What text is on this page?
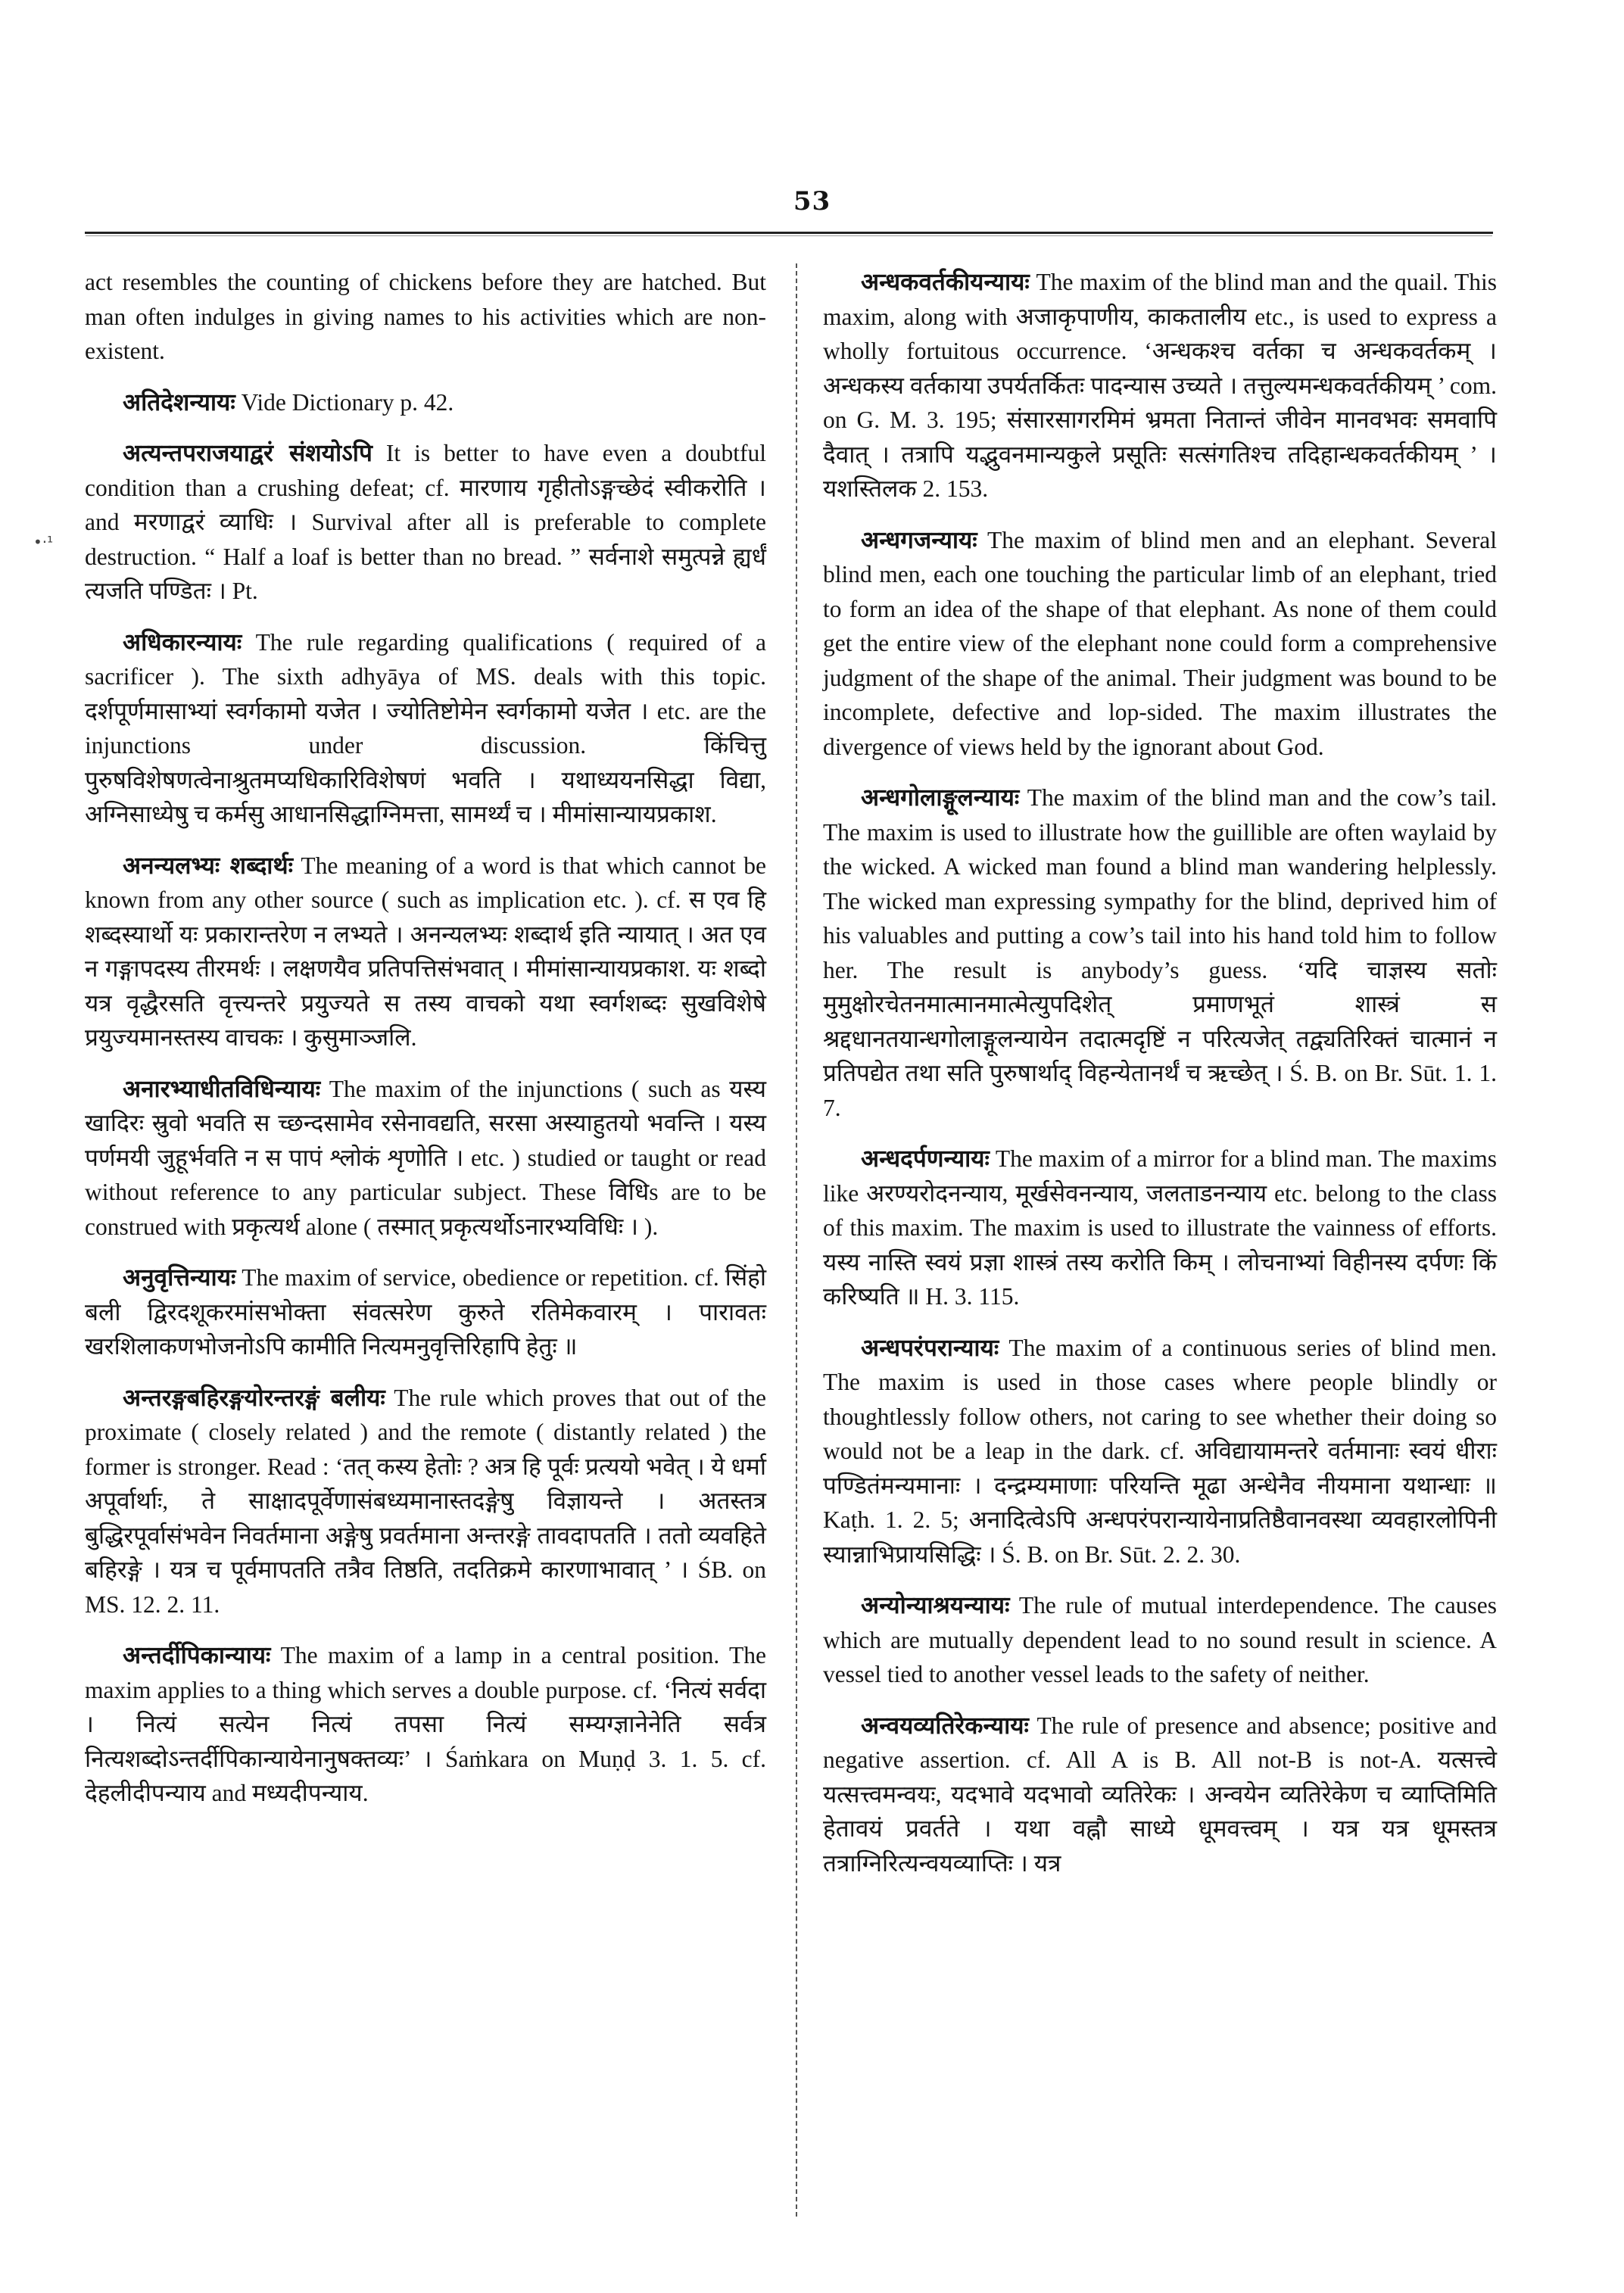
53
•·¹

act resembles the counting of chickens before they are hatched. But man often indulges in giving names to his activities which are non-existent.

अतिदेशन्यायः Vide Dictionary p. 42.

अत्यन्तपराजयाद्वरं संशयोऽपि It is better to have even a doubtful condition than a crushing defeat; cf. मारणाय गृहीतोऽङ्गच्छेदं स्वीकरोति । and मरणाद्वरं व्याधिः । Survival after all is preferable to complete destruction. “ Half a loaf is better than no bread. ” सर्वनाशे समुत्पन्ने ह्यर्धं त्यजति पण्डितः । Pt.

अधिकारन्यायः The rule regarding qualifications ( required of a sacrificer ). The sixth adhyāya of MS. deals with this topic. दर्शपूर्णमासाभ्यां स्वर्गकामो यजेत । ज्योतिष्टोमेन स्वर्गकामो यजेत । etc. are the injunctions under discussion. किंचित्तु पुरुषविशेषणत्वेनाश्रुतमप्यधिकारिविशेषणं भवति । यथाध्ययनसिद्धा विद्या, अग्निसाध्येषु च कर्मसु आधानसिद्धाग्निमत्ता, सामर्थ्यं च । मीमांसान्यायप्रकाश.

अनन्यलभ्यः शब्दार्थः The meaning of a word is that which cannot be known from any other source ( such as implication etc. ). cf. स एव हि शब्दस्यार्थो यः प्रकारान्तरेण न लभ्यते । अनन्यलभ्यः शब्दार्थ इति न्यायात् । अत एव न गङ्गापदस्य तीरमर्थः । लक्षणयैव प्रतिपत्तिसंभवात् । मीमांसान्यायप्रकाश. यः शब्दो यत्र वृद्धैरसति वृत्त्यन्तरे प्रयुज्यते स तस्य वाचको यथा स्वर्गशब्दः सुखविशेषे प्रयुज्यमानस्तस्य वाचकः । कुसुमाञ्जलि.

अनारभ्याधीतविधिन्यायः The maxim of the injunctions ( such as यस्य खादिरः स्रुवो भवति स च्छन्दसामेव रसेनावद्यति, सरसा अस्याहुतयो भवन्ति । यस्य पर्णमयी जुहूर्भवति न स पापं श्लोकं शृणोति । etc. ) studied or taught or read without reference to any particular subject. These विधिs are to be construed with प्रकृत्यर्थ alone ( तस्मात् प्रकृत्यर्थोऽनारभ्यविधिः । ).

अनुवृत्तिन्यायः The maxim of service, obedience or repetition. cf. सिंहो बली द्विरदशूकरमांसभोक्ता संवत्सरेण कुरुते रतिमेकवारम् । पारावतः खरशिलाकणभोजनोऽपि कामीति नित्यमनुवृत्तिरिहापि हेतुः ॥

अन्तरङ्गबहिरङ्गयोरन्तरङ्गं बलीयः The rule which proves that out of the proximate ( closely related ) and the remote ( distantly related ) the former is stronger. Read : ‘तत् कस्य हेतोः ? अत्र हि पूर्वः प्रत्ययो भवेत् । ये धर्मा अपूर्वार्थाः, ते साक्षादपूर्वेणासंबध्यमानास्तदङ्गेषु विज्ञायन्ते । अतस्तत्र बुद्धिरपूर्वासंभवेन निवर्तमाना अङ्गेषु प्रवर्तमाना अन्तरङ्गे तावदापतति । ततो व्यवहिते बहिरङ्गे । यत्र च पूर्वमापतति तत्रैव तिष्ठति, तदतिक्रमे कारणाभावात् ’ । ŚB. on MS. 12. 2. 11.

अन्तर्दीपिकान्यायः The maxim of a lamp in a central position. The maxim applies to a thing which serves a double purpose. cf. ‘नित्यं सर्वदा । नित्यं सत्येन नित्यं तपसा नित्यं सम्यग्ज्ञानेनेति सर्वत्र नित्यशब्दोऽन्तर्दीपिकान्यायेनानुषक्तव्यः’ । Śaṁkara on Muṇḍ 3. 1. 5. cf. देहलीदीपन्याय and मध्यदीपन्याय.

अन्धकवर्तकीयन्यायः The maxim of the blind man and the quail. This maxim, along with अजाकृपाणीय, काकतालीय etc., is used to express a wholly fortuitous occurrence. ‘अन्धकश्च वर्तका च अन्धकवर्तकम् । अन्धकस्य वर्तकाया उपर्यतर्कितः पादन्यास उच्यते । तत्तुल्यमन्धकवर्तकीयम् ’ com. on G. M. 3. 195; संसारसागरमिमं भ्रमता नितान्तं जीवेन मानवभवः समवापि दैवात् । तत्रापि यद्भुवनमान्यकुले प्रसूतिः सत्संगतिश्च तदिहान्धकवर्तकीयम् ’ । यशस्तिलक 2. 153.

अन्धगजन्यायः The maxim of blind men and an elephant. Several blind men, each one touching the particular limb of an elephant, tried to form an idea of the shape of that elephant. As none of them could get the entire view of the elephant none could form a comprehensive judgment of the shape of the animal. Their judgment was bound to be incomplete, defective and lop-sided. The maxim illustrates the divergence of views held by the ignorant about God.

अन्धगोलाङ्गूलन्यायः The maxim of the blind man and the cow’s tail. The maxim is used to illustrate how the guillible are often waylaid by the wicked. A wicked man found a blind man wandering helplessly. The wicked man expressing sympathy for the blind, deprived him of his valuables and putting a cow’s tail into his hand told him to follow her. The result is anybody’s guess. ‘यदि चाज्ञस्य सतोः मुमुक्षोरचेतनमात्मानमात्मेत्युपदिशेत् प्रमाणभूतं शास्त्रं स श्रद्दधानतयान्धगोलाङ्गूलन्यायेन तदात्मदृष्टिं न परित्यजेत् तद्व्यतिरिक्तं चात्मानं न प्रतिपद्येत तथा सति पुरुषार्थाद् विहन्येतानर्थं च ऋच्छेत् । Ś. B. on Br. Sūt. 1. 1. 7.

अन्धदर्पणन्यायः The maxim of a mirror for a blind man. The maxims like अरण्यरोदनन्याय, मूर्खसेवनन्याय, जलताडनन्याय etc. belong to the class of this maxim. The maxim is used to illustrate the vainness of efforts. यस्य नास्ति स्वयं प्रज्ञा शास्त्रं तस्य करोति किम् । लोचनाभ्यां विहीनस्य दर्पणः किं करिष्यति ॥ H. 3. 115.

अन्धपरंपरान्यायः The maxim of a continuous series of blind men. The maxim is used in those cases where people blindly or thoughtlessly follow others, not caring to see whether their doing so would not be a leap in the dark. cf. अविद्यायामन्तरे वर्तमानाः स्वयं धीराः पण्डितंमन्यमानाः । दन्द्रम्यमाणाः परियन्ति मूढा अन्धेनैव नीयमाना यथान्धाः ॥ Kaṭh. 1. 2. 5; अनादित्वेऽपि अन्धपरंपरान्यायेनाप्रतिष्ठैवानवस्था व्यवहारलोपिनी स्यान्नाभिप्रायसिद्धिः । Ś. B. on Br. Sūt. 2. 2. 30.

अन्योन्याश्रयन्यायः The rule of mutual interdependence. The causes which are mutually dependent lead to no sound result in science. A vessel tied to another vessel leads to the safety of neither.

अन्वयव्यतिरेकन्यायः The rule of presence and absence; positive and negative assertion. cf. All A is B. All not-B is not-A. यत्सत्त्वे यत्सत्त्वमन्वयः, यदभावे यदभावो व्यतिरेकः । अन्वयेन व्यतिरेकेण च व्याप्तिमिति हेतावयं प्रवर्तते । यथा वह्नौ साध्ये धूमवत्त्वम् । यत्र यत्र धूमस्तत्र तत्राग्निरित्यन्वयव्याप्तिः । यत्र
